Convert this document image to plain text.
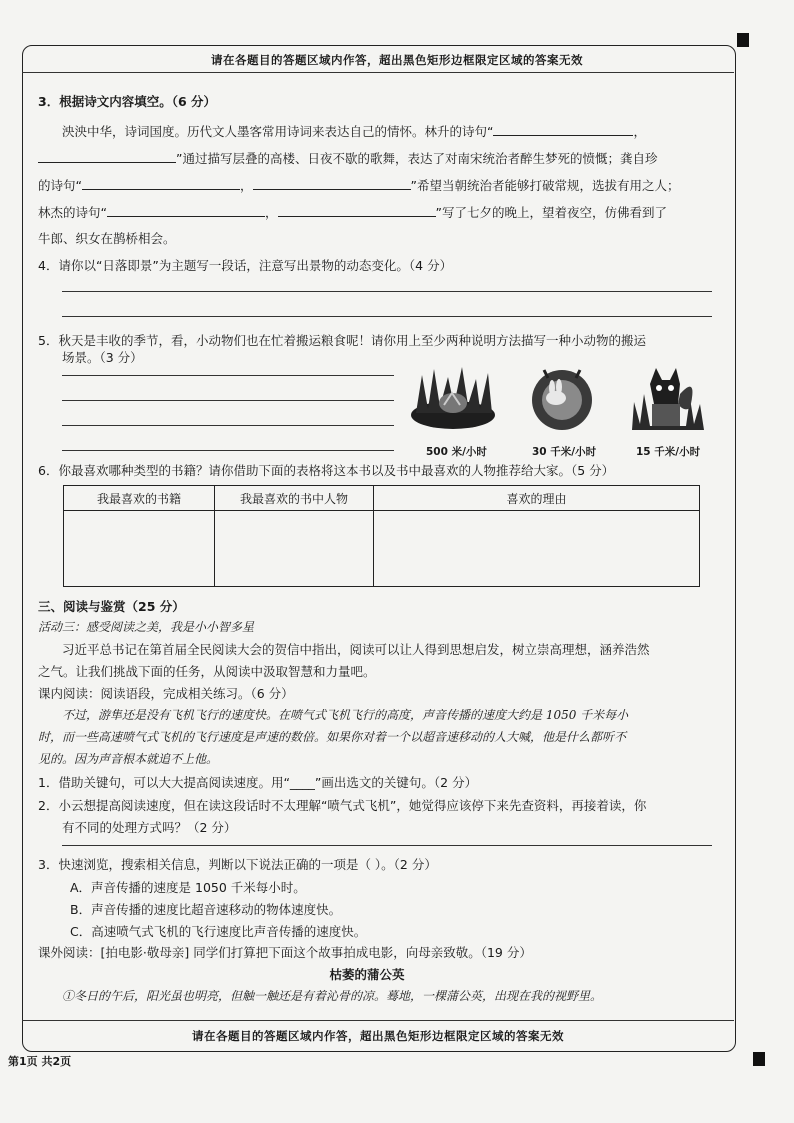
请在各题目的答题区域内作答，超出黑色矩形边框限定区域的答案无效
3．根据诗文内容填空。（6 分）
泱泱中华，诗词国度。历代文人墨客常用诗词来表达自己的情怀。林升的诗句“	，
”通过描写层叠的高楼、日夜不歇的歌舞，表达了对南宋统治者醉生梦死的愤慨；龚自珍
的诗句“	，	”希望当朝统治者能够打破常规，选拔有用之人；
林杰的诗句“	，	”写了七夕的晚上，望着夜空，仿佛看到了
牛郎、织女在鹊桥相会。
4．请你以“日落即景”为主题写一段话，注意写出景物的动态变化。（4 分）
5．秋天是丰收的季节，看，小动物们也在忙着搬运粮食呢！请你用上至少两种说明方法描写一种小动物的搬运
场景。（3 分）
500 米/小时	30 千米/小时	15 千米/小时
6．你最喜欢哪种类型的书籍？请你借助下面的表格将这本书以及书中最喜欢的人物推荐给大家。（5 分）
我最喜欢的书籍	我最喜欢的书中人物	喜欢的理由

三、阅读与鉴赏（25 分）
活动三：感受阅读之美，我是小小智多星
习近平总书记在第首届全民阅读大会的贺信中指出，阅读可以让人得到思想启发，树立崇高理想，涵养浩然
之气。让我们挑战下面的任务，从阅读中汲取智慧和力量吧。
课内阅读：阅读语段，完成相关练习。（6 分）
不过，游隼还是没有飞机飞行的速度快。在喷气式飞机飞行的高度，声音传播的速度大约是 1050 千米每小
时，而一些高速喷气式飞机的飞行速度是声速的数倍。如果你对着一个以超音速移动的人大喊，他是什么都听不
见的。因为声音根本就追不上他。
1．借助关键句，可以大大提高阅读速度。用“____”画出选文的关键句。（2 分）
2．小云想提高阅读速度，但在读这段话时不太理解“喷气式飞机”，她觉得应该停下来先查资料，再接着读，你
有不同的处理方式吗？（2 分）
3．快速浏览，搜索相关信息，判断以下说法正确的一项是（ ）。（2 分）
A．声音传播的速度是 1050 千米每小时。
B．声音传播的速度比超音速移动的物体速度快。
C．高速喷气式飞机的飞行速度比声音传播的速度快。
课外阅读：[拍电影·敬母亲] 同学们打算把下面这个故事拍成电影，向母亲致敬。（19 分）
枯萎的蒲公英
①冬日的午后，阳光虽也明亮，但触一触还是有着沁骨的凉。蓦地，一棵蒲公英，出现在我的视野里。
请在各题目的答题区域内作答，超出黑色矩形边框限定区域的答案无效
第1页 共2页
